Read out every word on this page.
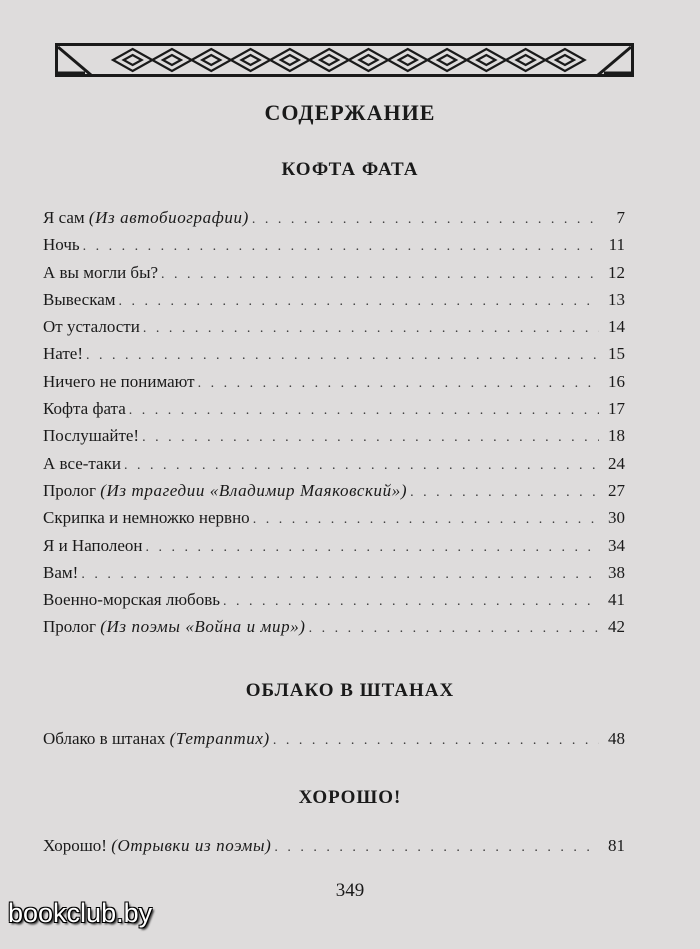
СОДЕРЖАНИЕ
КОФТА ФАТА
Я сам (Из автобиографии) . . .	7
Ночь . . .	11
А вы могли бы? . . .	12
Вывескам . . .	13
От усталости . . .	14
Нате! . . .	15
Ничего не понимают . . .	16
Кофта фата . . .	17
Послушайте! . . .	18
А все-таки . . .	24
Пролог (Из трагедии «Владимир Маяковский») . . .	27
Скрипка и немножко нервно . . .	30
Я и Наполеон . . .	34
Вам! . . .	38
Военно-морская любовь . . .	41
Пролог (Из поэмы «Война и мир») . . .	42
ОБЛАКО В ШТАНАХ
Облако в штанах (Тетраптих) . . .	48
ХОРОШО!
Хорошо! (Отрывки из поэмы) . . .	81
349
bookclub.by
